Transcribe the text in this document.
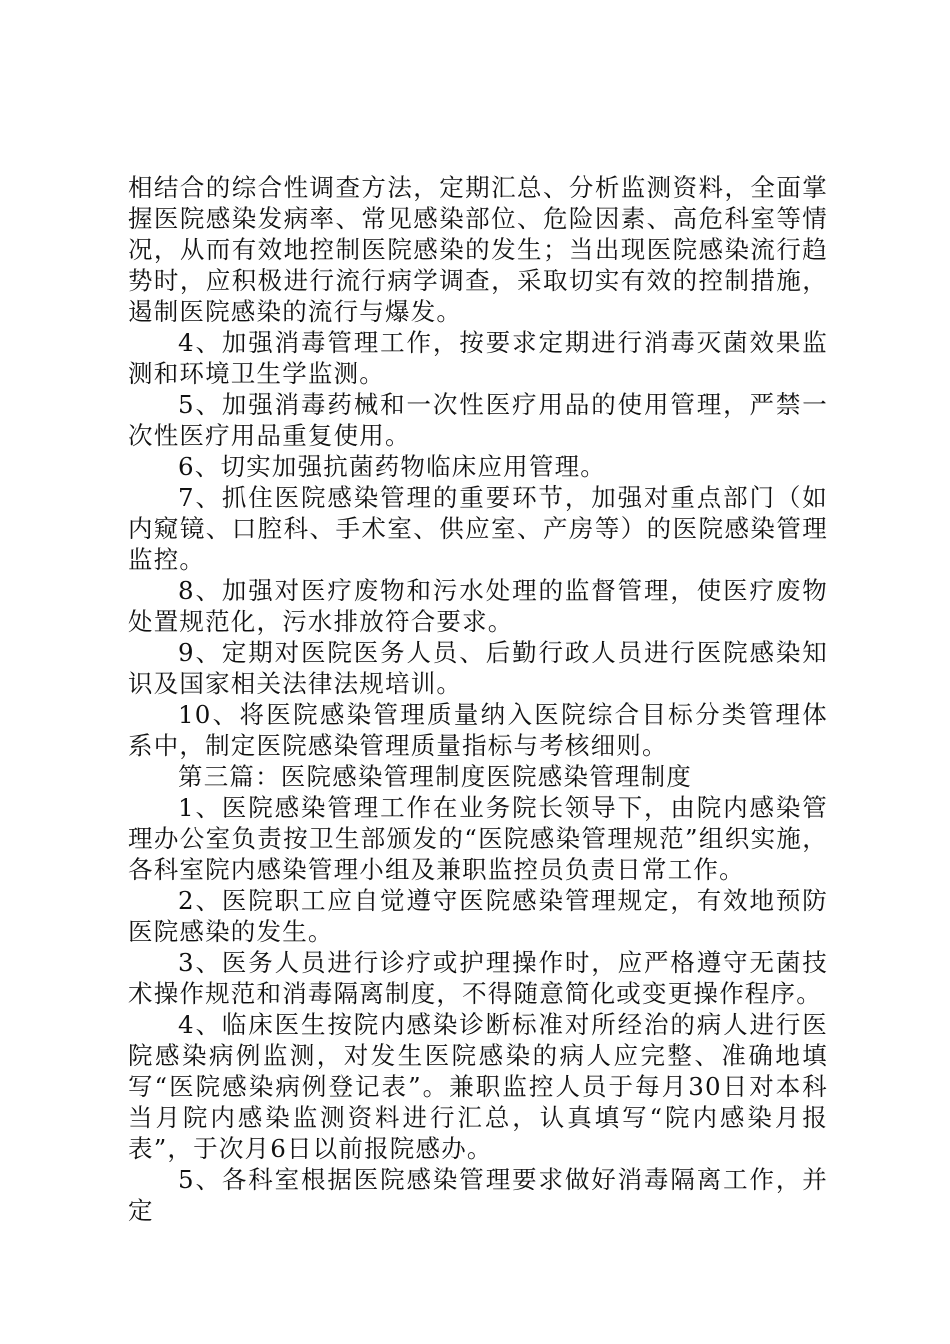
相结合的综合性调查方法，定期汇总、分析监测资料，全面掌握医院感染发病率、常见感染部位、危险因素、高危科室等情况，从而有效地控制医院感染的发生；当出现医院感染流行趋势时，应积极进行流行病学调查，采取切实有效的控制措施，遏制医院感染的流行与爆发。

4、加强消毒管理工作，按要求定期进行消毒灭菌效果监测和环境卫生学监测。

5、加强消毒药械和一次性医疗用品的使用管理，严禁一次性医疗用品重复使用。

6、切实加强抗菌药物临床应用管理。

7、抓住医院感染管理的重要环节，加强对重点部门（如内窥镜、口腔科、手术室、供应室、产房等）的医院感染管理监控。

8、加强对医疗废物和污水处理的监督管理，使医疗废物处置规范化，污水排放符合要求。

9、定期对医院医务人员、后勤行政人员进行医院感染知识及国家相关法律法规培训。

10、将医院感染管理质量纳入医院综合目标分类管理体系中，制定医院感染管理质量指标与考核细则。

第三篇：医院感染管理制度医院感染管理制度

1、医院感染管理工作在业务院长领导下，由院内感染管理办公室负责按卫生部颁发的“医院感染管理规范”组织实施，各科室院内感染管理小组及兼职监控员负责日常工作。

2、医院职工应自觉遵守医院感染管理规定，有效地预防医院感染的发生。

3、医务人员进行诊疗或护理操作时，应严格遵守无菌技术操作规范和消毒隔离制度，不得随意简化或变更操作程序。

4、临床医生按院内感染诊断标准对所经治的病人进行医院感染病例监测，对发生医院感染的病人应完整、准确地填写“医院感染病例登记表”。兼职监控人员于每月30日对本科当月院内感染监测资料进行汇总，认真填写“院内感染月报表”，于次月6日以前报院感办。

5、各科室根据医院感染管理要求做好消毒隔离工作，并定
